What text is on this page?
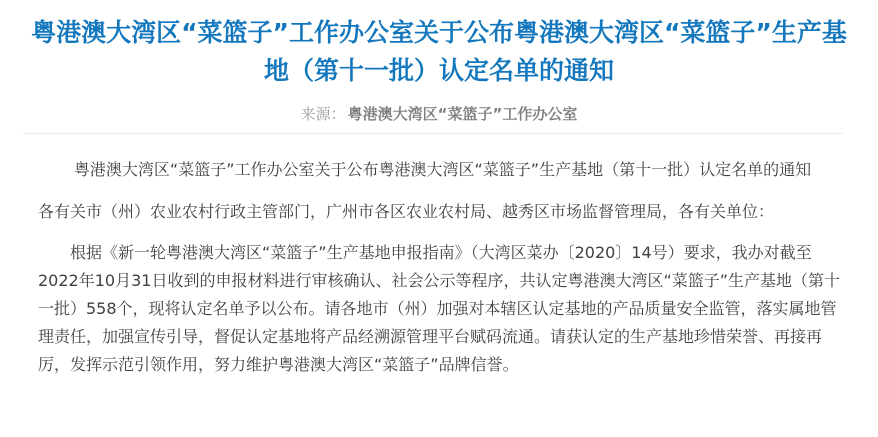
粤港澳大湾区“菜篮子”工作办公室关于公布粤港澳大湾区“菜篮子”生产基地（第十一批）认定名单的通知
来源： 粤港澳大湾区“菜篮子”工作办公室
粤港澳大湾区“菜篮子”工作办公室关于公布粤港澳大湾区“菜篮子”生产基地（第十一批）认定名单的通知

各有关市（州）农业农村行政主管部门，广州市各区农业农村局、越秀区市场监督管理局，各有关单位：

根据《新一轮粤港澳大湾区“菜篮子”生产基地申报指南》（大湾区菜办〔2020〕14号）要求，我办对截至2022年10月31日收到的申报材料进行审核确认、社会公示等程序，共认定粤港澳大湾区“菜篮子”生产基地（第十一批）558个，现将认定名单予以公布。请各地市（州）加强对本辖区认定基地的产品质量安全监管，落实属地管理责任，加强宣传引导，督促认定基地将产品经溯源管理平台赋码流通。请获认定的生产基地珍惜荣誉、再接再厉，发挥示范引领作用，努力维护粤港澳大湾区“菜篮子”品牌信誉。
